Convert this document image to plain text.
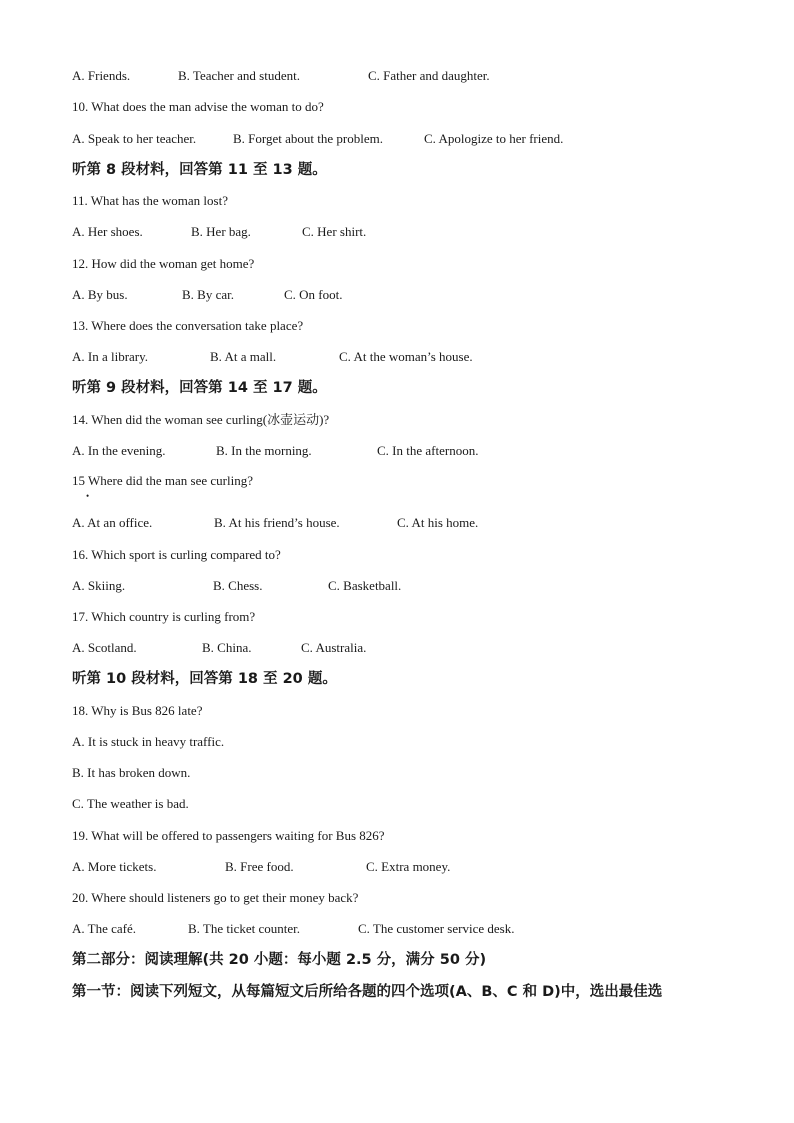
A. Friends.	B. Teacher and student.	C. Father and daughter.
10. What does the man advise the woman to do?
A. Speak to her teacher.	B. Forget about the problem.	C. Apologize to her friend.
听第 8 段材料，回答第 11 至 13 题。
11. What has the woman lost?
A. Her shoes.	B. Her bag.	C. Her shirt.
12. How did the woman get home?
A. By bus.	B. By car.	C. On foot.
13. Where does the conversation take place?
A. In a library.	B. At a mall.	C. At the woman’s house.
听第 9 段材料，回答第 14 至 17 题。
14. When did the woman see curling(冰壶运动)?
A. In the evening.	B. In the morning.	C. In the afternoon.
15 Where did the man see curling?
•
A. At an office.	B. At his friend’s house.	C. At his home.
16. Which sport is curling compared to?
A. Skiing.	B. Chess.	C. Basketball.
17. Which country is curling from?
A. Scotland.	B. China.	C. Australia.
听第 10 段材料，回答第 18 至 20 题。
18. Why is Bus 826 late?
A. It is stuck in heavy traffic.
B. It has broken down.
C. The weather is bad.
19. What will be offered to passengers waiting for Bus 826?
A. More tickets.	B. Free food.	C. Extra money.
20. Where should listeners go to get their money back?
A. The café.	B. The ticket counter.	C. The customer service desk.
第二部分：阅读理解(共 20 小题：每小题 2.5 分，满分 50 分)
第一节：阅读下列短文，从每篇短文后所给各题的四个选项(A、B、C 和 D)中，选出最佳选
